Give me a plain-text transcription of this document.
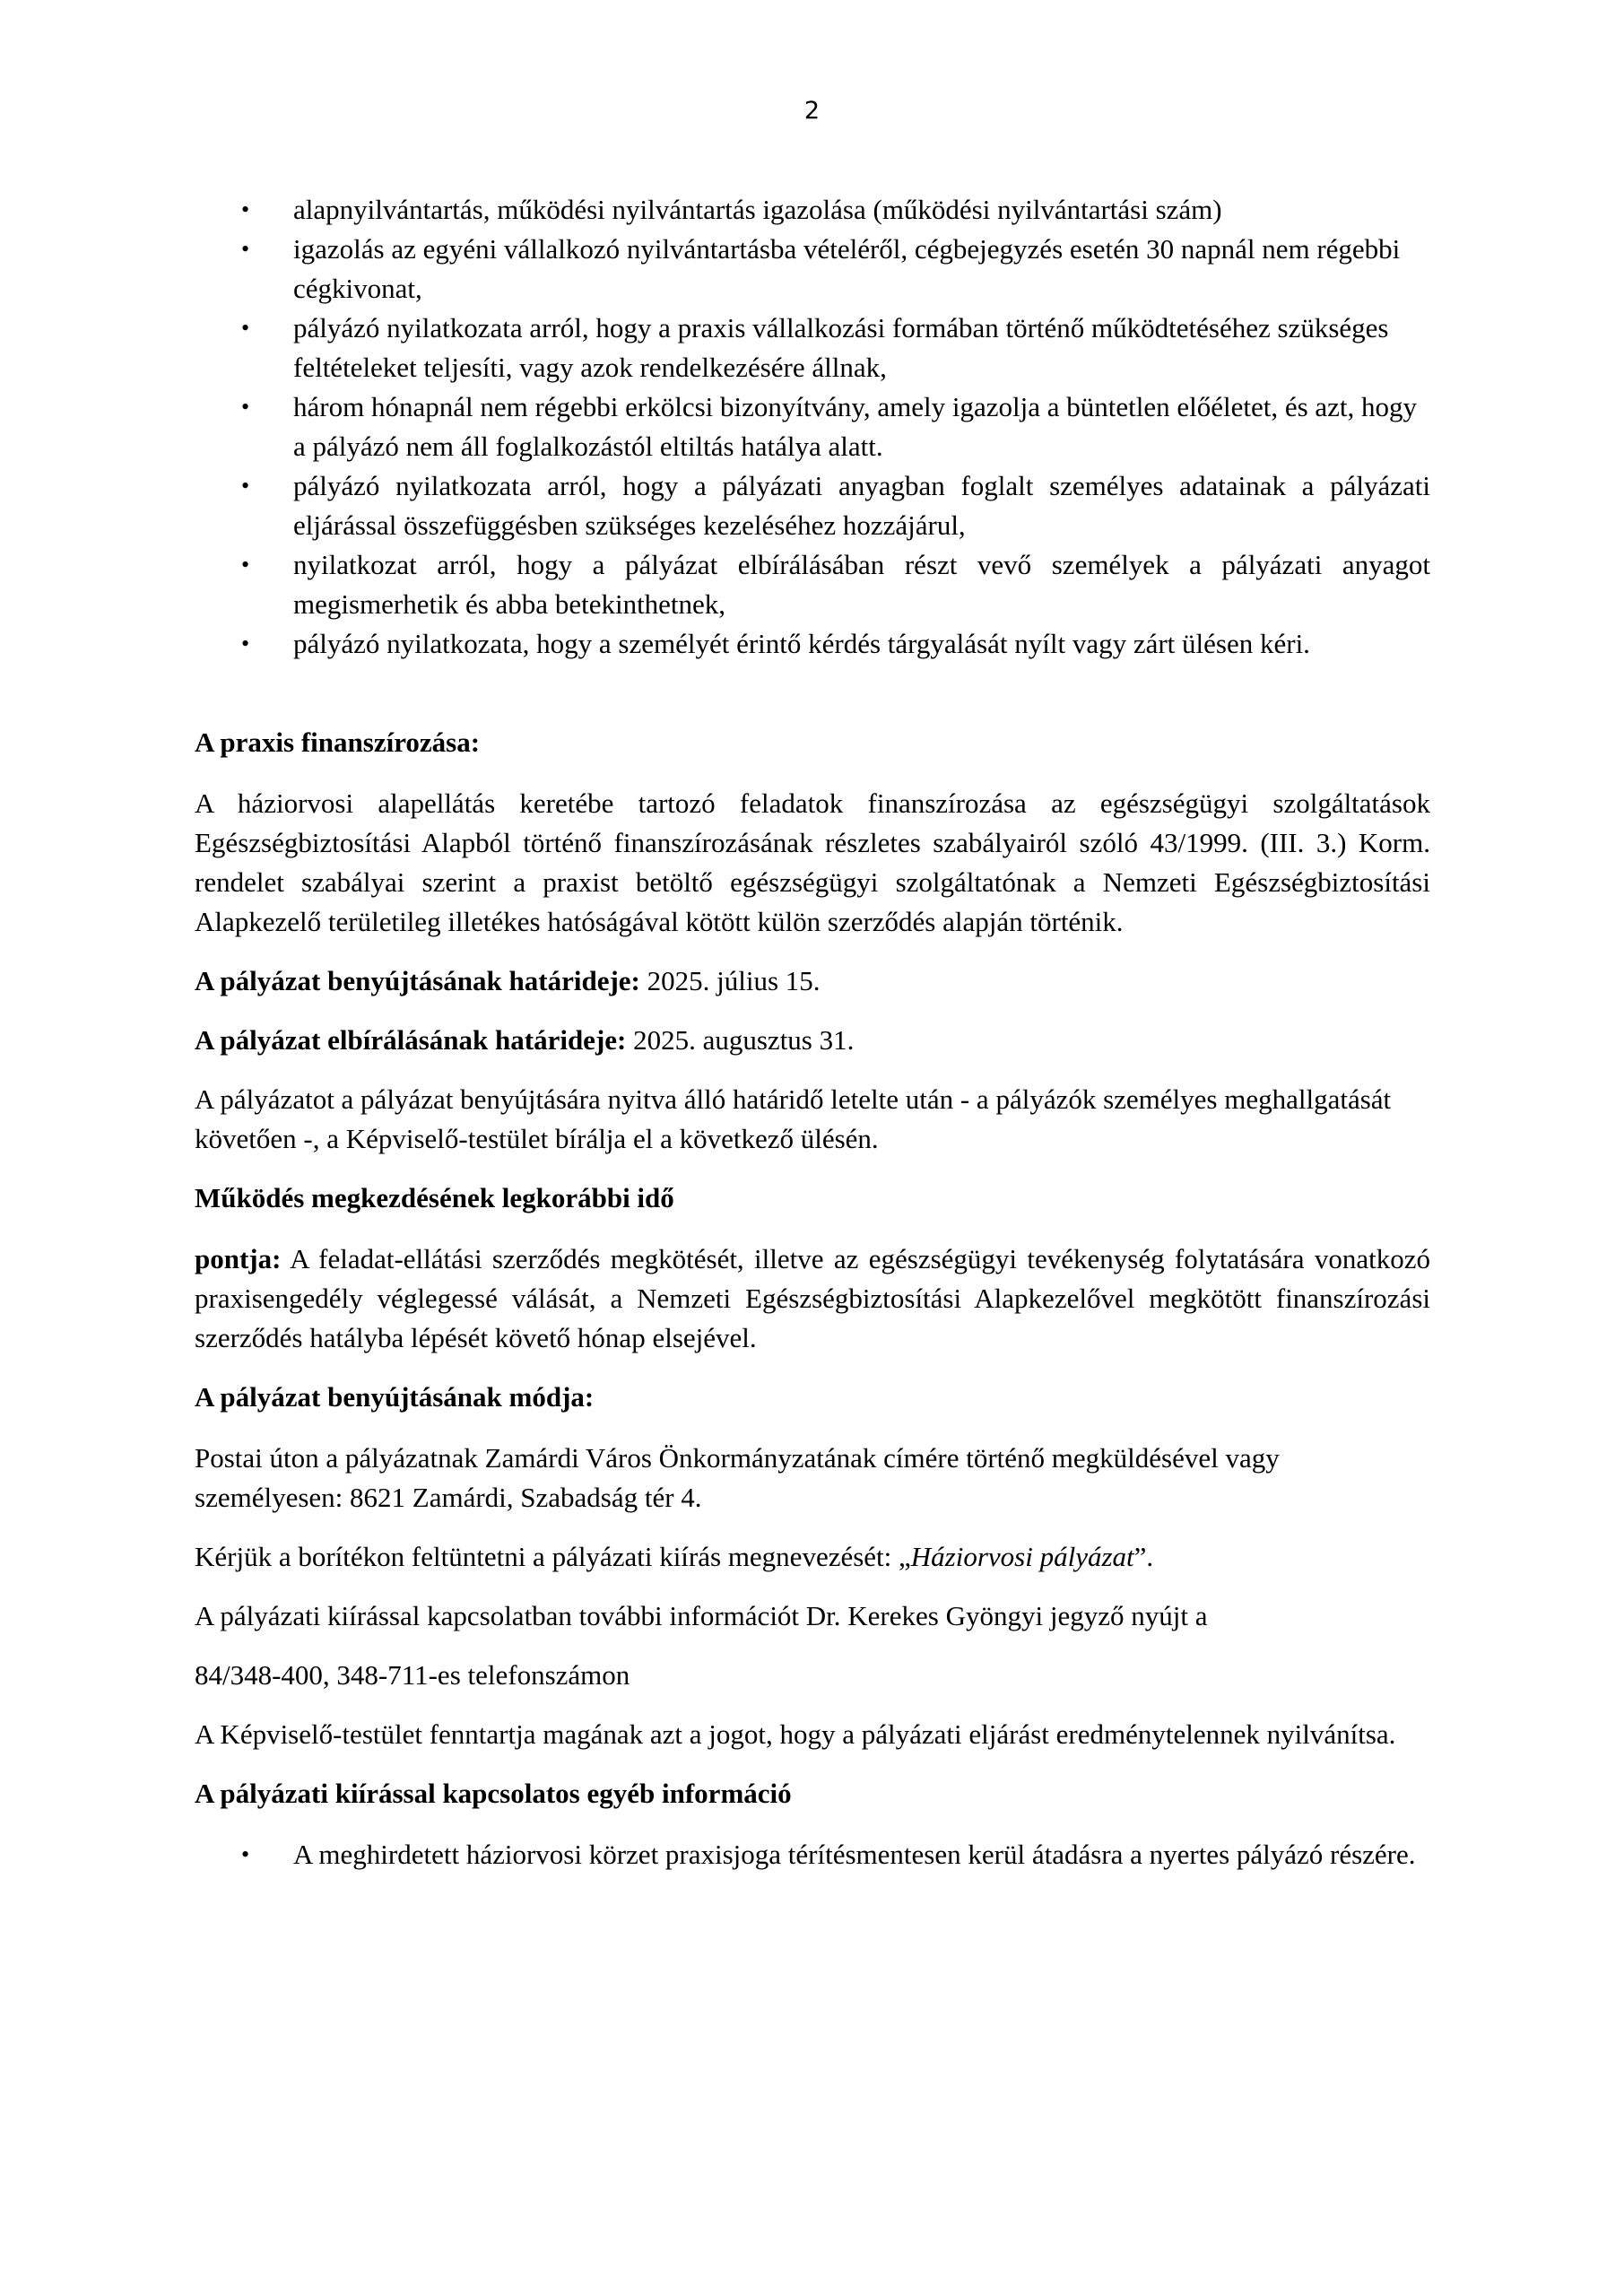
2
• alapnyilvántartás, működési nyilvántartás igazolása (működési nyilvántartási szám)
• igazolás az egyéni vállalkozó nyilvántartásba vételéről, cégbejegyzés esetén 30 napnál nem régebbi cégkivonat,
• pályázó nyilatkozata arról, hogy a praxis vállalkozási formában történő működtetéséhez szükséges feltételeket teljesíti, vagy azok rendelkezésére állnak,
• három hónapnál nem régebbi erkölcsi bizonyítvány, amely igazolja a büntetlen előéletet, és azt, hogy a pályázó nem áll foglalkozástól eltiltás hatálya alatt.
• pályázó nyilatkozata arról, hogy a pályázati anyagban foglalt személyes adatainak a pályázati eljárással összefüggésben szükséges kezeléséhez hozzájárul,
• nyilatkozat arról, hogy a pályázat elbírálásában részt vevő személyek a pályázati anyagot megismerhetik és abba betekinthetnek,
• pályázó nyilatkozata, hogy a személyét érintő kérdés tárgyalását nyílt vagy zárt ülésen kéri.

A praxis finanszírozása:

A háziorvosi alapellátás keretébe tartozó feladatok finanszírozása az egészségügyi szolgáltatások Egészségbiztosítási Alapból történő finanszírozásának részletes szabályairól szóló 43/1999. (III. 3.) Korm. rendelet szabályai szerint a praxist betöltő egészségügyi szolgáltatónak a Nemzeti Egészségbiztosítási Alapkezelő területileg illetékes hatóságával kötött külön szerződés alapján történik.

A pályázat benyújtásának határideje: 2025. július 15.

A pályázat elbírálásának határideje: 2025. augusztus 31.

A pályázatot a pályázat benyújtására nyitva álló határidő letelte után - a pályázók személyes meghallgatását követően -, a Képviselő-testület bírálja el a következő ülésén.

Működés megkezdésének legkorábbi idő

pontja: A feladat-ellátási szerződés megkötését, illetve az egészségügyi tevékenység folytatására vonatkozó praxisengedély véglegessé válását, a Nemzeti Egészségbiztosítási Alapkezelővel megkötött finanszírozási szerződés hatályba lépését követő hónap elsejével.

A pályázat benyújtásának módja:

Postai úton a pályázatnak Zamárdi Város Önkormányzatának címére történő megküldésével vagy személyesen: 8621 Zamárdi, Szabadság tér 4.

Kérjük a borítékon feltüntetni a pályázati kiírás megnevezését: „Háziorvosi pályázat”.

A pályázati kiírással kapcsolatban további információt Dr. Kerekes Gyöngyi jegyző nyújt a

84/348-400, 348-711-es telefonszámon

A Képviselő-testület fenntartja magának azt a jogot, hogy a pályázati eljárást eredménytelennek nyilvánítsa.

A pályázati kiírással kapcsolatos egyéb információ

• A meghirdetett háziorvosi körzet praxisjoga térítésmentesen kerül átadásra a nyertes pályázó részére.
